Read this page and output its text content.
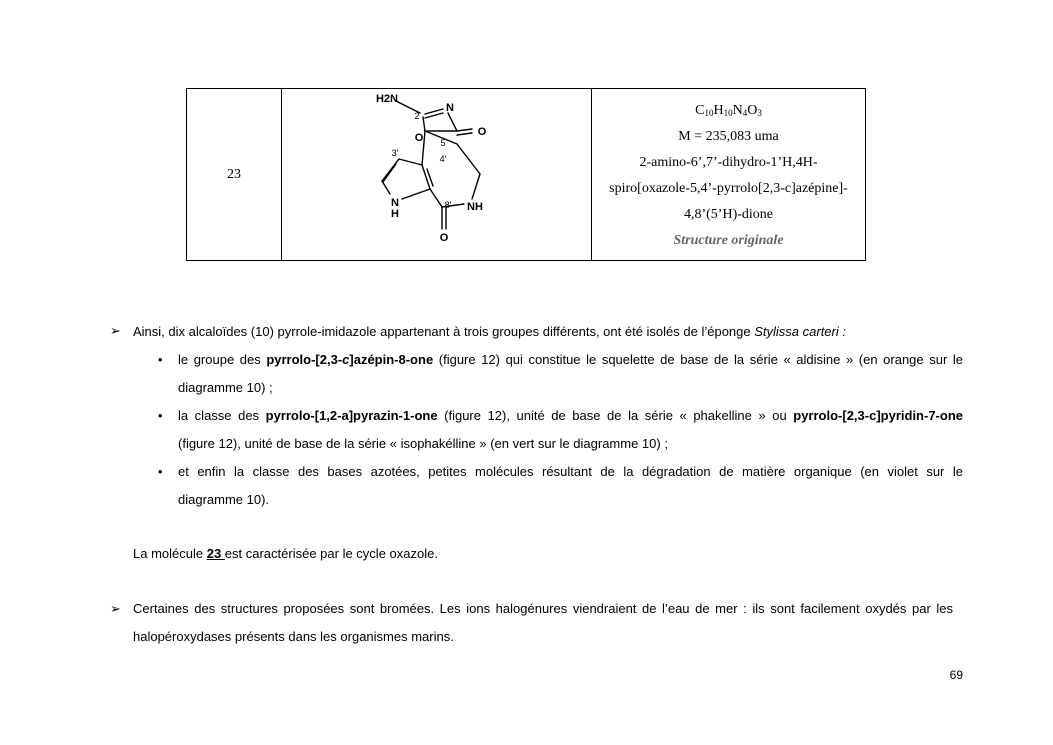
23
H2N
N
O	O
N
H
NH
O
2
5
3′
4′
8′
$C_{10}H_{10}N_4O_3$
M = 235,083 uma
2-amino-6’,7’-dihydro-1’H,4H-
spiro[oxazole-5,4’-pyrrolo[2,3-c]azépine]-
4,8’(5’H)-dione
Structure originale
➢ Ainsi, dix alcaloïdes (10) pyrrole-imidazole appartenant à trois groupes différents, ont été isolés de l’éponge Stylissa carteri :
• le groupe des pyrrolo-[2,3-c]azépin-8-one (figure 12) qui constitue le squelette de base de la série « aldisine » (en orange sur le
diagramme 10) ;
• la classe des pyrrolo-[1,2-a]pyrazin-1-one (figure 12), unité de base de la série « phakelline » ou pyrrolo-[2,3-c]pyridin-7-one
(figure 12), unité de base de la série « isophakélline » (en vert sur le diagramme 10) ;
• et enfin la classe des bases azotées, petites molécules résultant de la dégradation de matière organique (en violet sur le
diagramme 10).
La molécule 23 est caractérisée par le cycle oxazole.
➢ Certaines des structures proposées sont bromées. Les ions halogénures viendraient de l’eau de mer : ils sont facilement oxydés par les
halopéroxydases présents dans les organismes marins.
69
